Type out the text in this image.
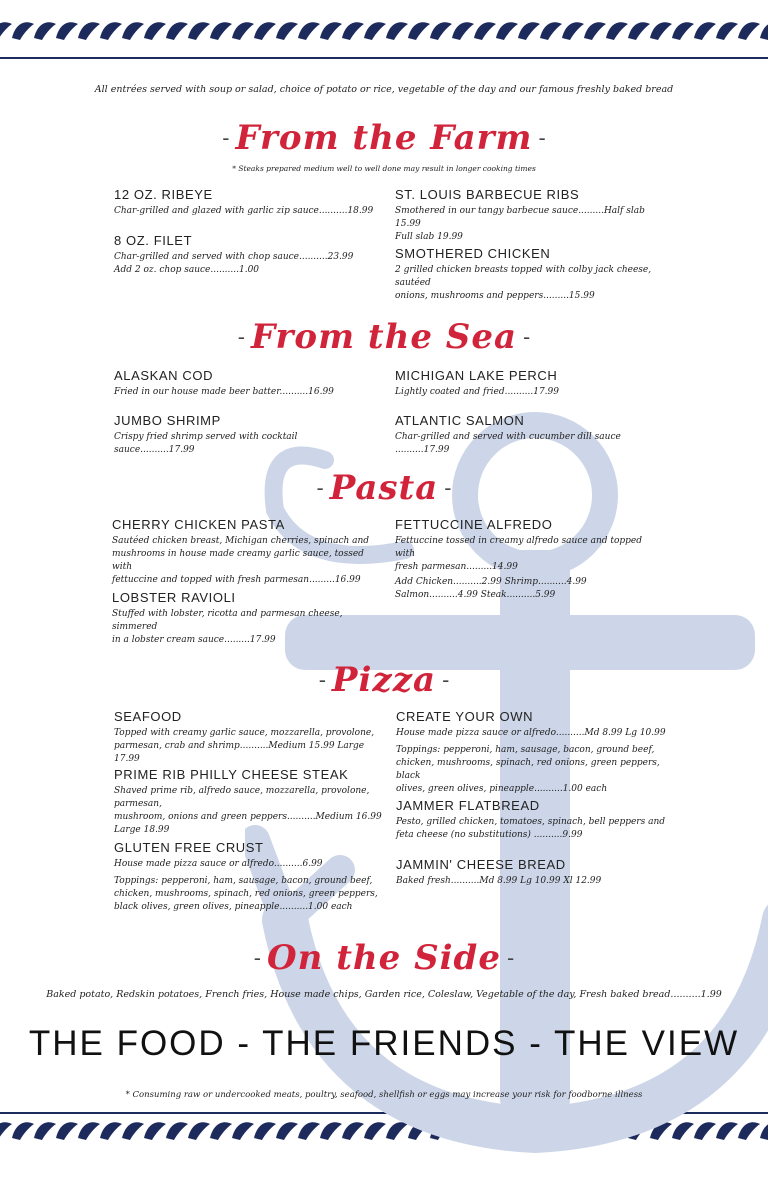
All entrées served with soup or salad, choice of potato or rice, vegetable of the day and our famous freshly baked bread
- From the Farm -
* Steaks prepared medium well to well done may result in longer cooking times
12 OZ. RIBEYE

Char-grilled and glazed with garlic zip sauce..........18.99

8 OZ. FILET

Char-grilled and served with chop sauce..........23.99

Add 2 oz. chop sauce..........1.00

ST. LOUIS BARBECUE RIBS

Smothered in our tangy barbecue sauce.........Half slab 15.99

Full slab 19.99

SMOTHERED CHICKEN

2 grilled chicken breasts topped with colby jack cheese, sautéed

onions, mushrooms and peppers.........15.99

- From the Sea -
ALASKAN COD

Fried in our house made beer batter..........16.99

JUMBO SHRIMP

Crispy fried shrimp served with cocktail sauce..........17.99

MICHIGAN LAKE PERCH

Lightly coated and fried..........17.99

ATLANTIC SALMON

Char-grilled and served with cucumber dill sauce ..........17.99

- Pasta -
CHERRY CHICKEN PASTA

Sautéed chicken breast, Michigan cherries, spinach and

mushrooms in house made creamy garlic sauce, tossed with

fettuccine and topped with fresh parmesan.........16.99

LOBSTER RAVIOLI

Stuffed with lobster, ricotta and parmesan cheese, simmered

in a lobster cream sauce.........17.99

FETTUCCINE ALFREDO

Fettuccine tossed in creamy alfredo sauce and topped with

fresh parmesan.........14.99

Add Chicken..........2.99 Shrimp..........4.99

Salmon..........4.99 Steak..........5.99

- Pizza -
SEAFOOD

Topped with creamy garlic sauce, mozzarella, provolone,

parmesan, crab and shrimp..........Medium 15.99 Large 17.99

PRIME RIB PHILLY CHEESE STEAK

Shaved prime rib, alfredo sauce, mozzarella, provolone, parmesan,

mushroom, onions and green peppers..........Medium 16.99

Large 18.99

GLUTEN FREE CRUST

House made pizza sauce or alfredo..........6.99

Toppings: pepperoni, ham, sausage, bacon, ground beef,

chicken, mushrooms, spinach, red onions, green peppers,

black olives, green olives, pineapple..........1.00 each

CREATE YOUR OWN

House made pizza sauce or alfredo..........Md 8.99 Lg 10.99

Toppings: pepperoni, ham, sausage, bacon, ground beef,

chicken, mushrooms, spinach, red onions, green peppers, black

olives, green olives, pineapple..........1.00 each

JAMMER FLATBREAD

Pesto, grilled chicken, tomatoes, spinach, bell peppers and

feta cheese (no substitutions) ..........9.99

JAMMIN' CHEESE BREAD

Baked fresh..........Md 8.99 Lg 10.99 Xl 12.99

- On the Side -
Baked potato, Redskin potatoes, French fries, House made chips, Garden rice, Coleslaw, Vegetable of the day, Fresh baked bread..........1.99
THE FOOD - THE FRIENDS - THE VIEW
* Consuming raw or undercooked meats, poultry, seafood, shellfish or eggs may increase your risk for foodborne illness
